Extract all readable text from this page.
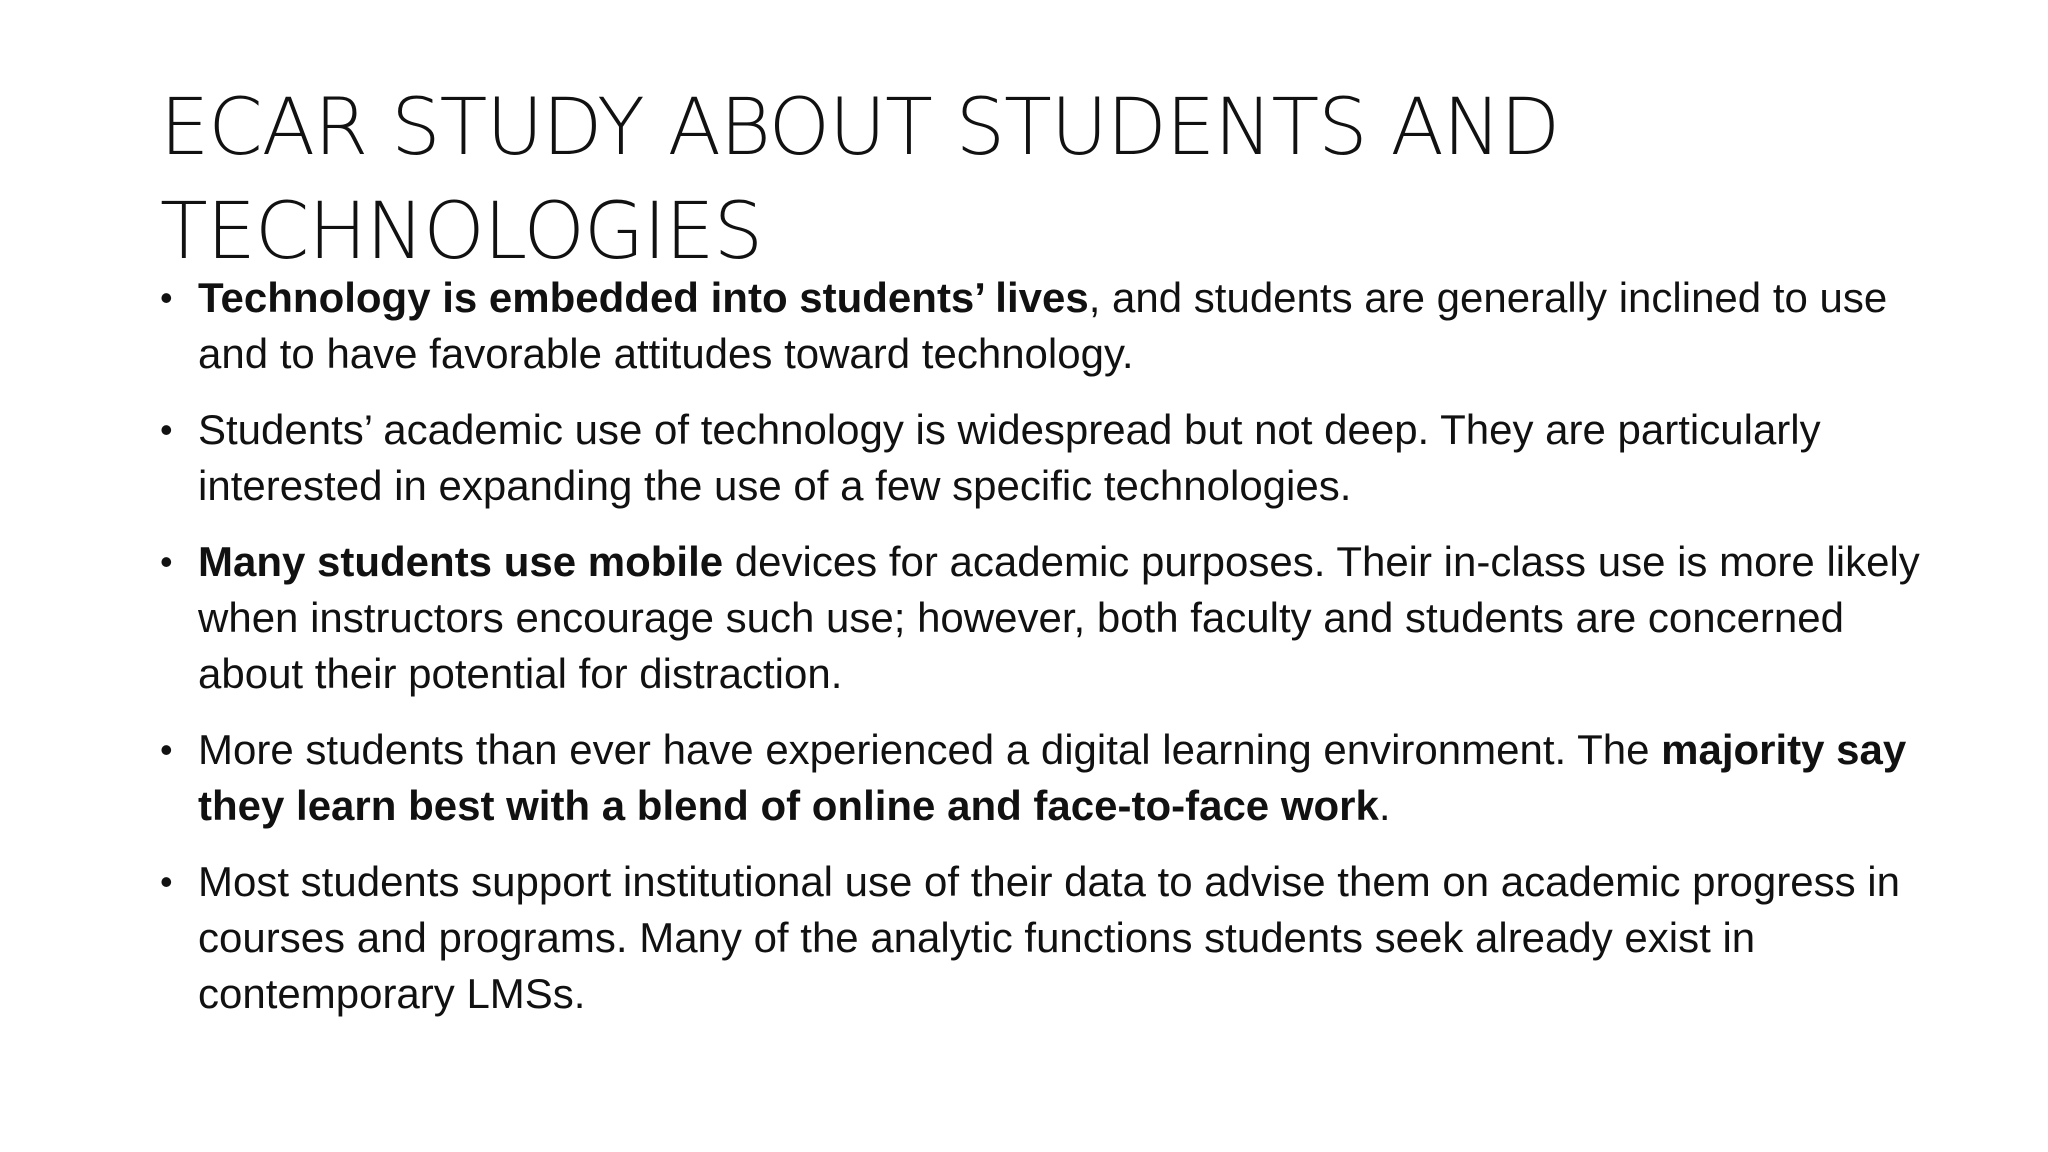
ECAR STUDY ABOUT STUDENTS AND TECHNOLOGIES
• Technology is embedded into students’ lives, and students are generally inclined to use and to have favorable attitudes toward technology.
• Students’ academic use of technology is widespread but not deep. They are particularly interested in expanding the use of a few specific technologies.
• Many students use mobile devices for academic purposes. Their in-class use is more likely when instructors encourage such use; however, both faculty and students are concerned about their potential for distraction.
• More students than ever have experienced a digital learning environment. The majority say they learn best with a blend of online and face-to-face work.
• Most students support institutional use of their data to advise them on academic progress in courses and programs. Many of the analytic functions students seek already exist in contemporary LMSs.
